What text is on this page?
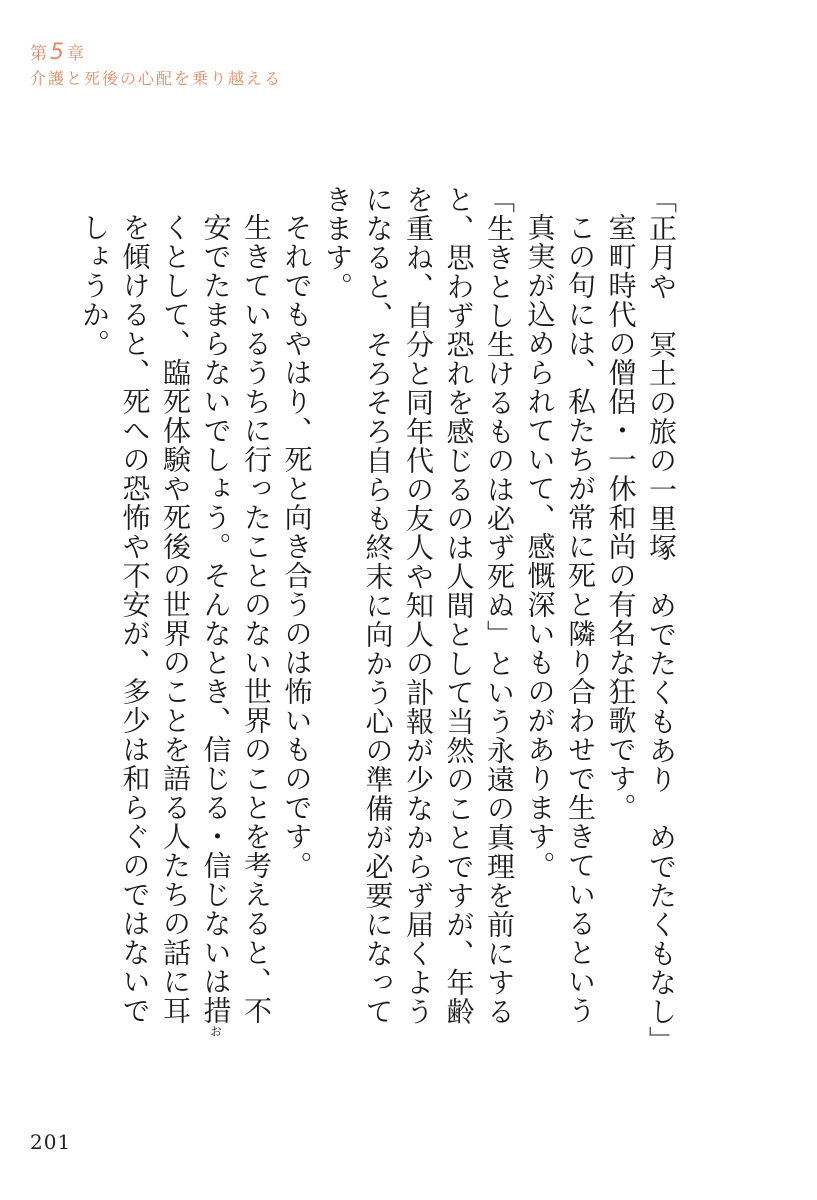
第5 章
介護と死後の心配を乗り越える

「正月や　冥土の旅の一里塚　めでたくもあり　めでたくもなし」

室町時代の僧侶・一休和尚の有名な狂歌です。

この句には、私たちが常に死と隣り合わせで生きているという真実が込められていて、感慨深いものがあります。

「生きとし生けるものは必ず死ぬ」という永遠の真理を前にすると、思わず恐れを感じるのは人間として当然のことですが、年齢を重ね、自分と同年代の友人や知人の訃報が少なからず届くようになると、そろそろ自らも終末に向かう心の準備が必要になってきます。

それでもやはり、死と向き合うのは怖いものです。

生きているうちに行ったことのない世界のことを考えると、不安でたまらないでしょう。そんなとき、信じる・信じないは措おくとして、臨死体験や死後の世界のことを語る人たちの話に耳を傾けると、死への恐怖や不安が、多少は和らぐのではないでしょうか。

201
